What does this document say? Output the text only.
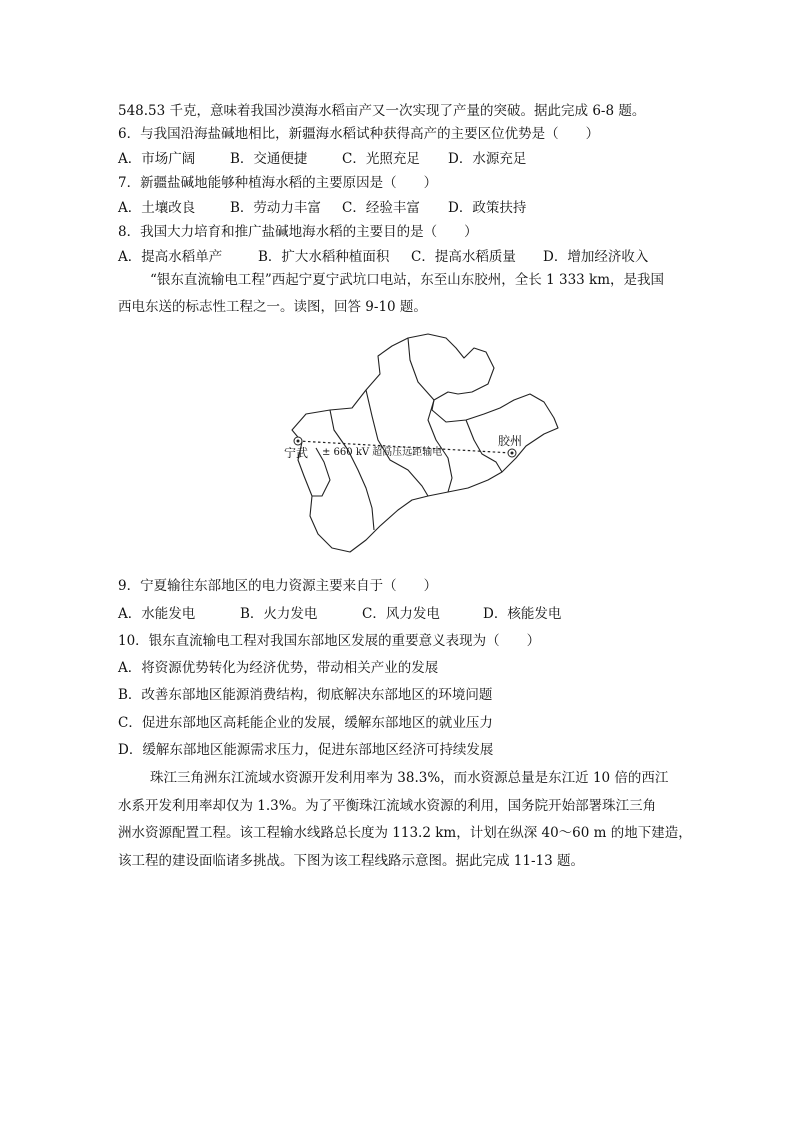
548.53 千克，意味着我国沙漠海水稻亩产又一次实现了产量的突破。据此完成 6-8 题。
6．与我国沿海盐碱地相比，新疆海水稻试种获得高产的主要区位优势是（　　）
A．市场广阔	B．交通便捷	C．光照充足 D．水源充足
7．新疆盐碱地能够种植海水稻的主要原因是（　　）
A．土壤改良	B．劳动力丰富 C．经验丰富 D．政策扶持
8．我国大力培育和推广盐碱地海水稻的主要目的是（　　）
A．提高水稻单产	B．扩大水稻种植面积 C．提高水稻质量 D．增加经济收入
“银东直流输电工程”西起宁夏宁武坑口电站，东至山东胶州，全长 1 333 km，是我国
西电东送的标志性工程之一。读图，回答 9-10 题。
宁武
胶州
± 660 kV 超高压远距输电
9．宁夏输往东部地区的电力资源主要来自于（　　）
A．水能发电	B．火力发电	C．风力发电	D．核能发电
10．银东直流输电工程对我国东部地区发展的重要意义表现为（　　）
A．将资源优势转化为经济优势，带动相关产业的发展
B．改善东部地区能源消费结构，彻底解决东部地区的环境问题
C．促进东部地区高耗能企业的发展，缓解东部地区的就业压力
D．缓解东部地区能源需求压力，促进东部地区经济可持续发展
珠江三角洲东江流域水资源开发利用率为 38.3%，而水资源总量是东江近 10 倍的西江
水系开发利用率却仅为 1.3%。为了平衡珠江流域水资源的利用，国务院开始部署珠江三角
洲水资源配置工程。该工程输水线路总长度为 113.2 km，计划在纵深 40～60 m 的地下建造，
该工程的建设面临诸多挑战。下图为该工程线路示意图。据此完成 11-13 题。
